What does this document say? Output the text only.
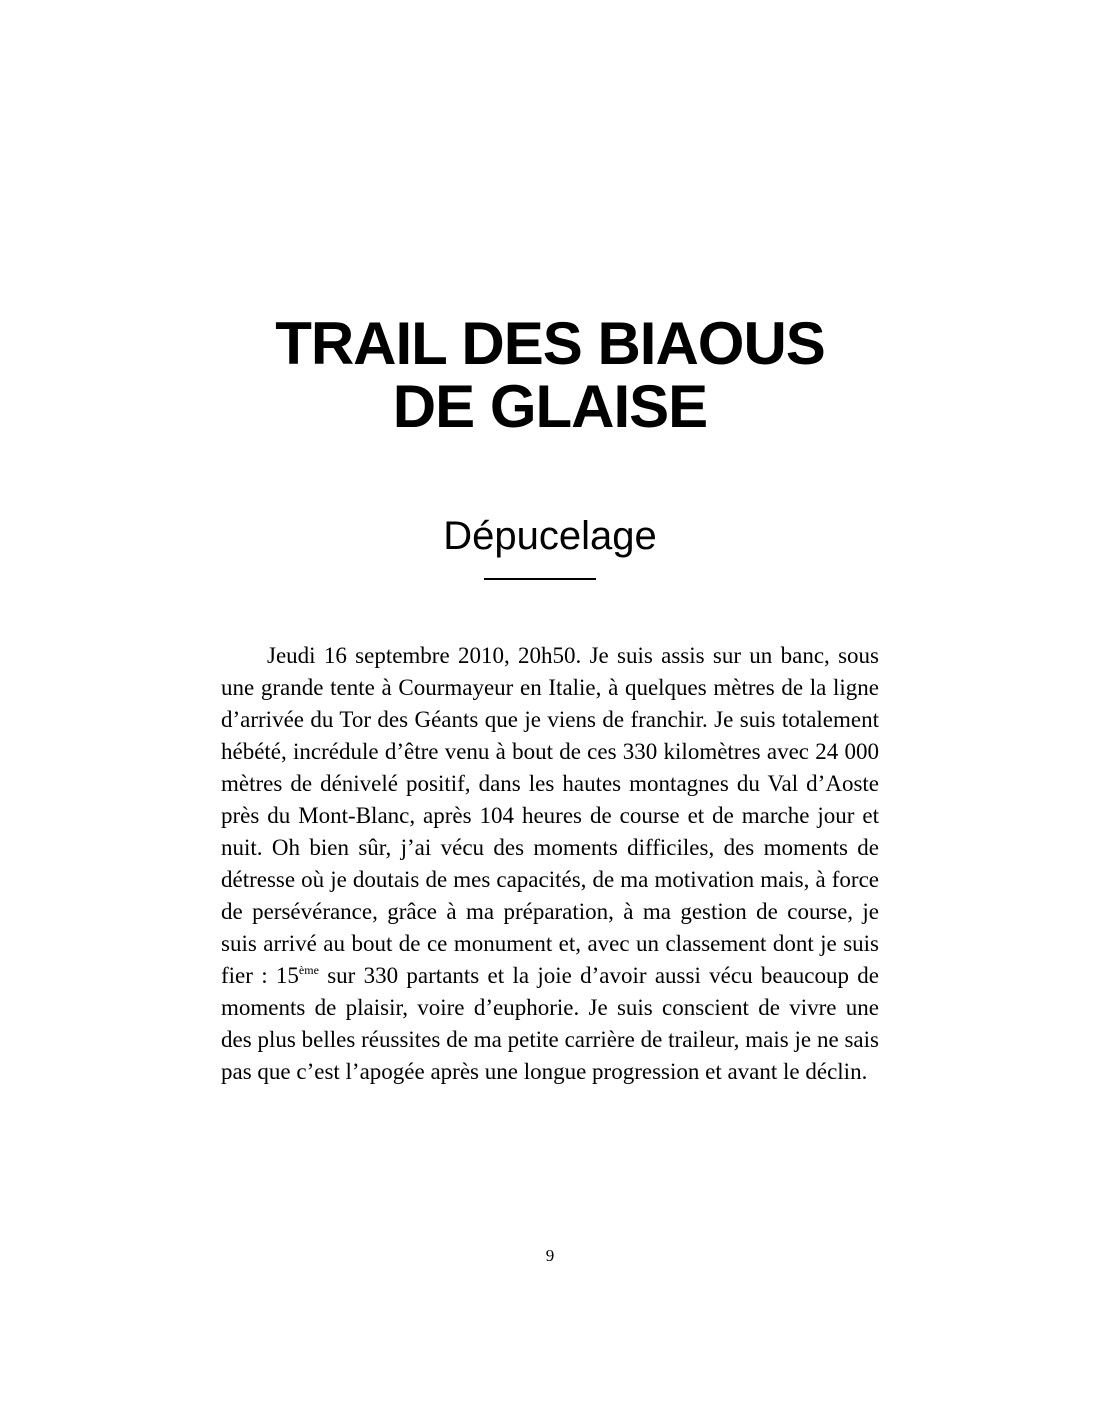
TRAIL DES BIAOUS
DE GLAISE
Dépucelage

Jeudi 16 septembre 2010, 20h50. Je suis assis sur un banc, sous une grande tente à Courmayeur en Italie, à quelques mètres de la ligne d’arrivée du Tor des Géants que je viens de franchir. Je suis totalement hébété, incrédule d’être venu à bout de ces 330 kilomètres avec 24 000 mètres de dénivelé positif, dans les hautes montagnes du Val d’Aoste près du Mont-Blanc, après 104 heures de course et de marche jour et nuit. Oh bien sûr, j’ai vécu des moments difficiles, des moments de détresse où je doutais de mes capacités, de ma motivation mais, à force de persévérance, grâce à ma préparation, à ma gestion de course, je suis arrivé au bout de ce monument et, avec un classement dont je suis fier : 15ème sur 330 partants et la joie d’avoir aussi vécu beaucoup de moments de plaisir, voire d’euphorie. Je suis conscient de vivre une des plus belles réussites de ma petite carrière de traileur, mais je ne sais pas que c’est l’apogée après une longue progression et avant le déclin.

9
